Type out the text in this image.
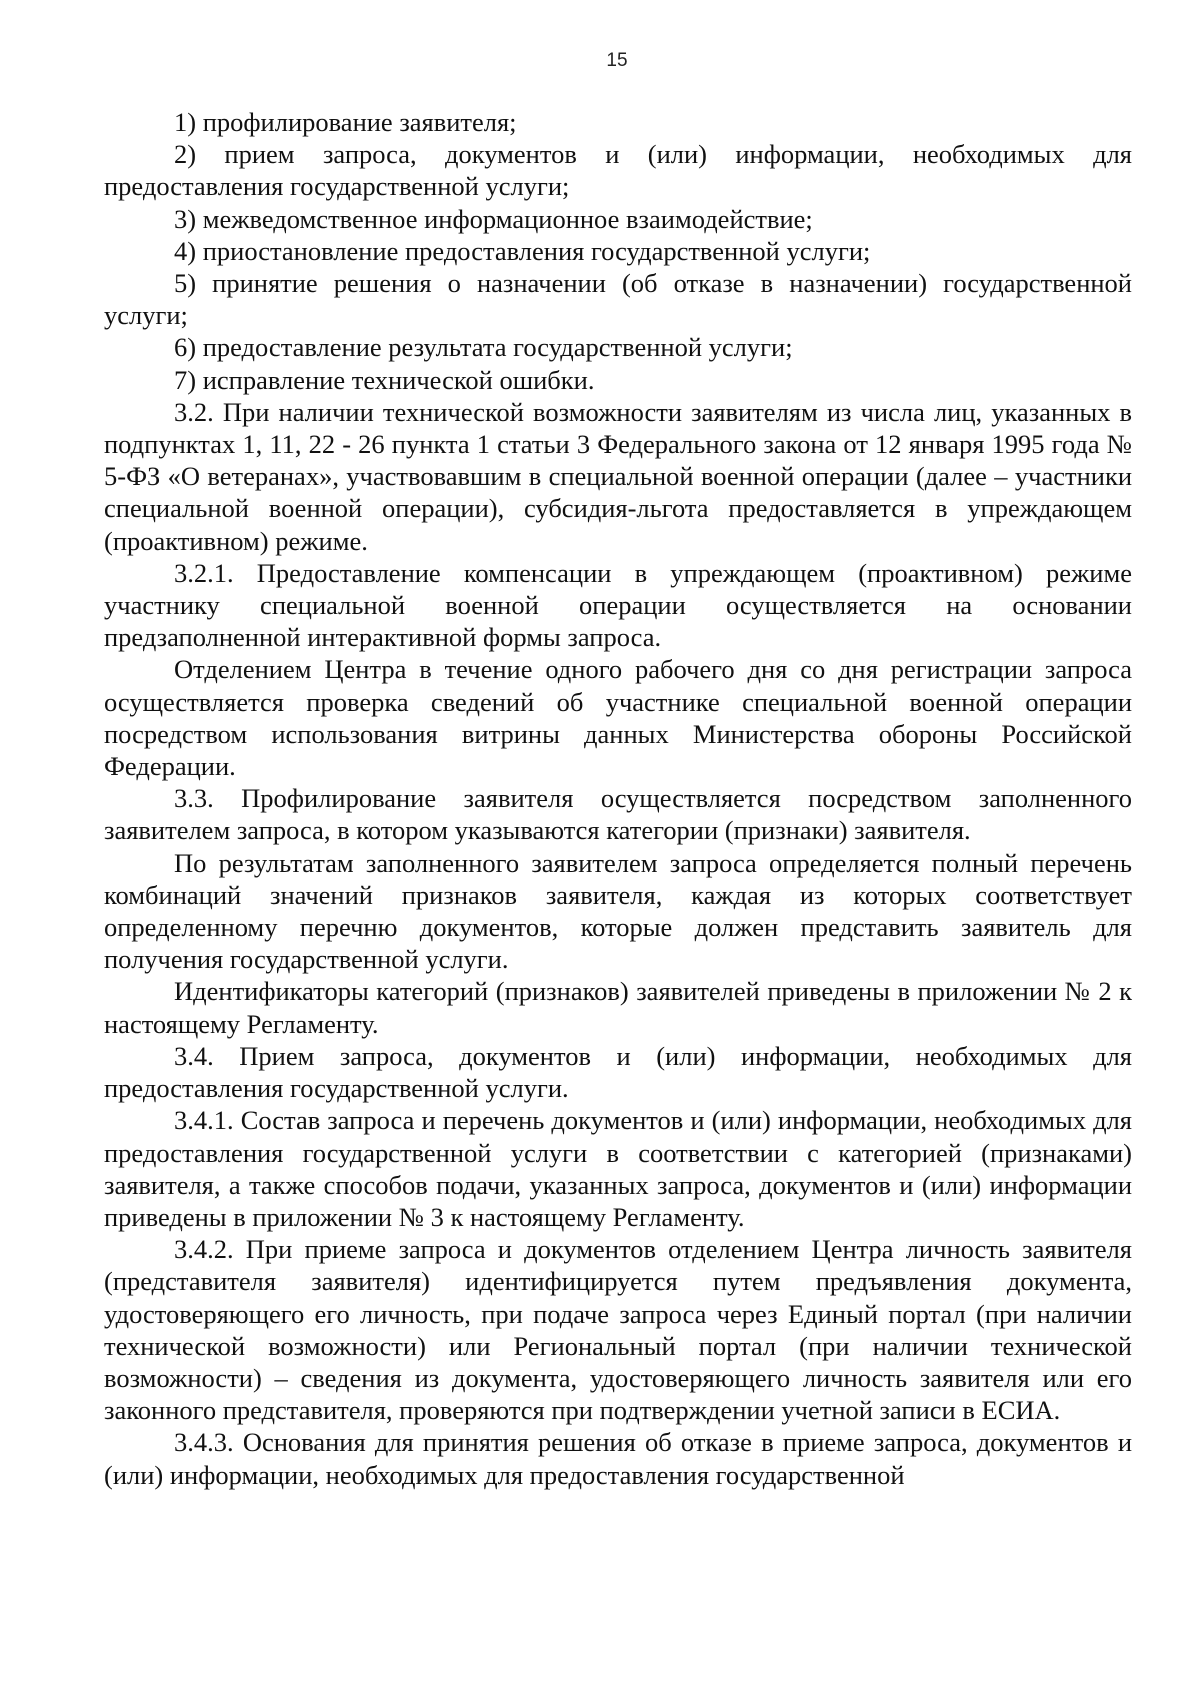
15

1) профилирование заявителя;

2) прием запроса, документов и (или) информации, необходимых для предоставления государственной услуги;

3) межведомственное информационное взаимодействие;

4) приостановление предоставления государственной услуги;

5) принятие решения о назначении (об отказе в назначении) государственной услуги;

6) предоставление результата государственной услуги;

7) исправление технической ошибки.

3.2. При наличии технической возможности заявителям из числа лиц, указанных в подпунктах 1, 11, 22 - 26 пункта 1 статьи 3 Федерального закона от 12 января 1995 года № 5-ФЗ «О ветеранах», участвовавшим в специальной военной операции (далее – участники специальной военной операции), субсидия-льгота предоставляется в упреждающем (проактивном) режиме.

3.2.1. Предоставление компенсации в упреждающем (проактивном) режиме участнику специальной военной операции осуществляется на основании предзаполненной интерактивной формы запроса.

Отделением Центра в течение одного рабочего дня со дня регистрации запроса осуществляется проверка сведений об участнике специальной военной операции посредством использования витрины данных Министерства обороны Российской Федерации.

3.3. Профилирование заявителя осуществляется посредством заполненного заявителем запроса, в котором указываются категории (признаки) заявителя.

По результатам заполненного заявителем запроса определяется полный перечень комбинаций значений признаков заявителя, каждая из которых соответствует определенному перечню документов, которые должен представить заявитель для получения государственной услуги.

Идентификаторы категорий (признаков) заявителей приведены в приложении № 2 к настоящему Регламенту.

3.4. Прием запроса, документов и (или) информации, необходимых для предоставления государственной услуги.

3.4.1. Состав запроса и перечень документов и (или) информации, необходимых для предоставления государственной услуги в соответствии с категорией (признаками) заявителя, а также способов подачи, указанных запроса, документов и (или) информации приведены в приложении № 3 к настоящему Регламенту.

3.4.2. При приеме запроса и документов отделением Центра личность заявителя (представителя заявителя) идентифицируется путем предъявления документа, удостоверяющего его личность, при подаче запроса через Единый портал (при наличии технической возможности) или Региональный портал (при наличии технической возможности) – сведения из документа, удостоверяющего личность заявителя или его законного представителя, проверяются при подтверждении учетной записи в ЕСИА.

3.4.3. Основания для принятия решения об отказе в приеме запроса, документов и (или) информации, необходимых для предоставления государственной
